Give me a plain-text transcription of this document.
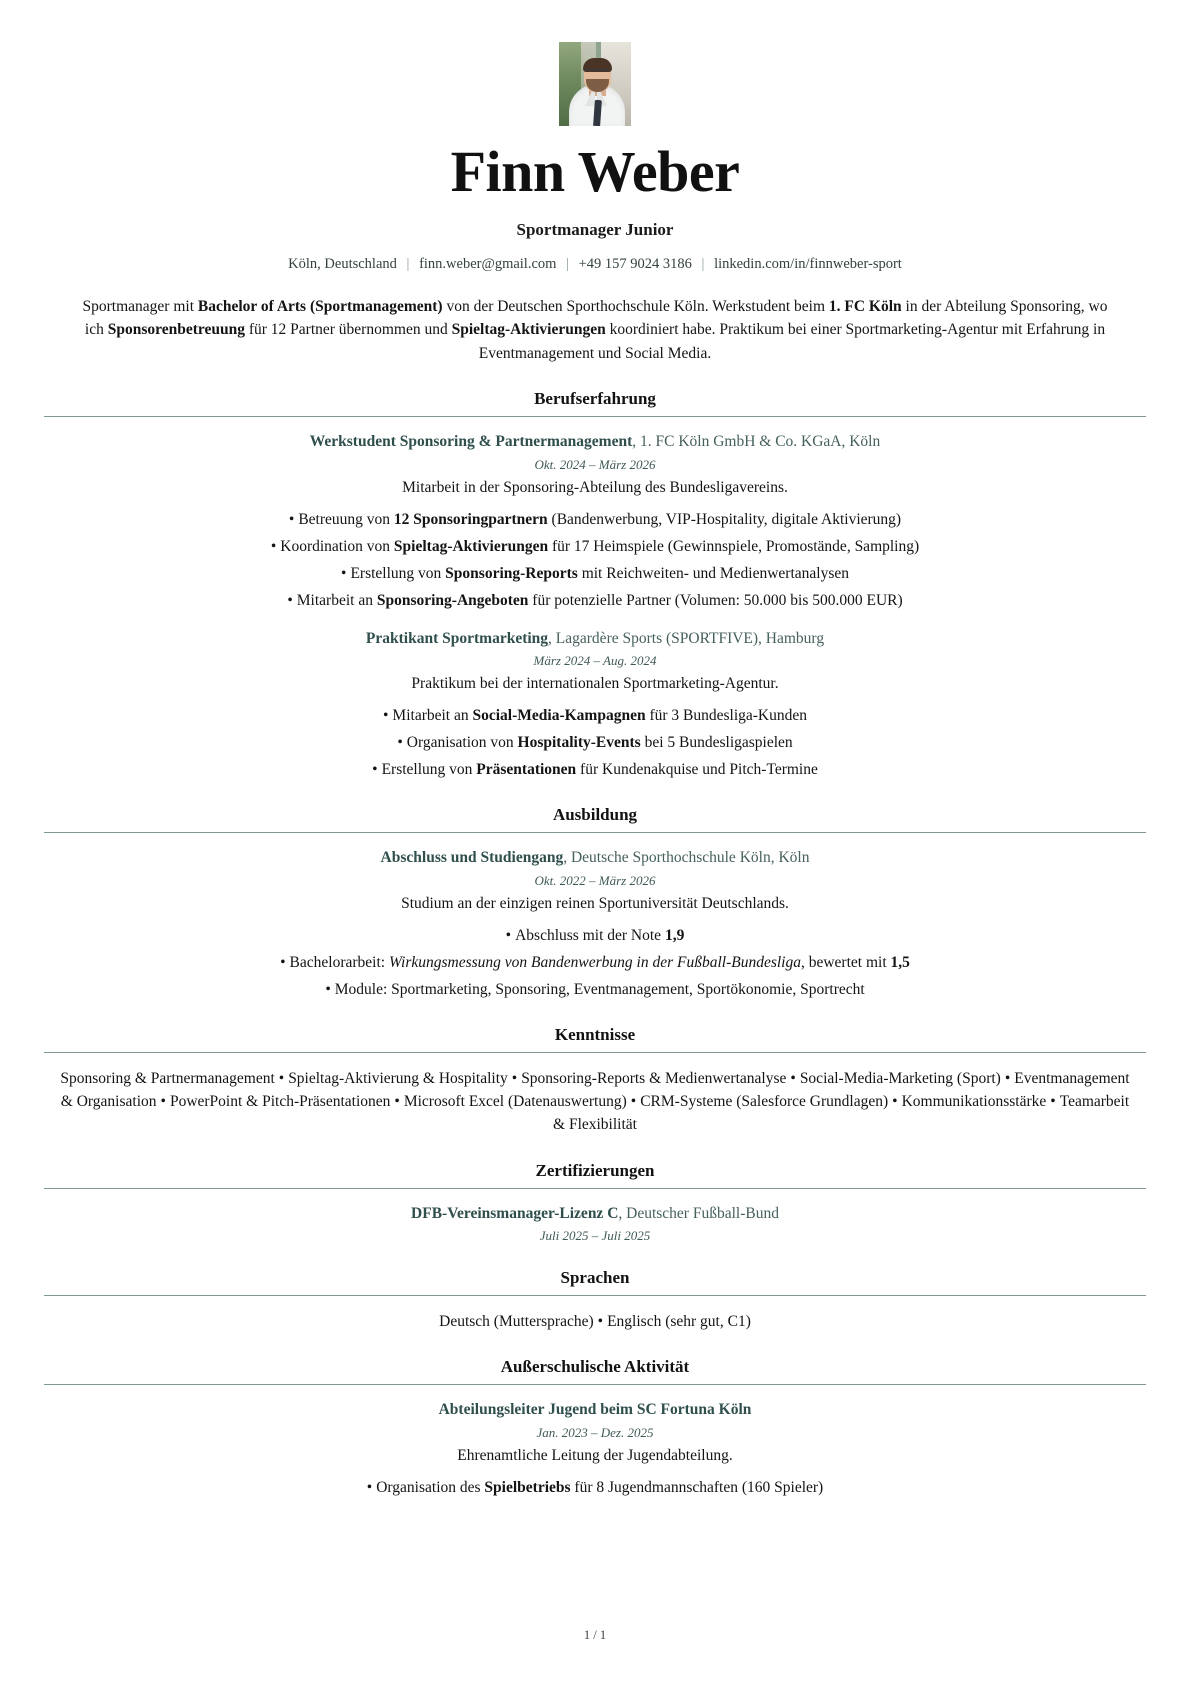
Finn Weber
Sportmanager Junior
Köln, Deutschland | finn.weber@gmail.com | +49 157 9024 3186 | linkedin.com/in/finnweber-sport

Sportmanager mit Bachelor of Arts (Sportmanagement) von der Deutschen Sporthochschule Köln. Werkstudent beim 1. FC Köln in der Abteilung Sponsoring, wo ich Sponsorenbetreuung für 12 Partner übernommen und Spieltag-Aktivierungen koordiniert habe. Praktikum bei einer Sportmarketing-Agentur mit Erfahrung in Eventmanagement und Social Media.

Berufserfahrung
Werkstudent Sponsoring & Partnermanagement, 1. FC Köln GmbH & Co. KGaA, Köln
Okt. 2024 – März 2026
Mitarbeit in der Sponsoring-Abteilung des Bundesligavereins.
• Betreuung von 12 Sponsoringpartnern (Bandenwerbung, VIP-Hospitality, digitale Aktivierung)
• Koordination von Spieltag-Aktivierungen für 17 Heimspiele (Gewinnspiele, Promostände, Sampling)
• Erstellung von Sponsoring-Reports mit Reichweiten- und Medienwertanalysen
• Mitarbeit an Sponsoring-Angeboten für potenzielle Partner (Volumen: 50.000 bis 500.000 EUR)
Praktikant Sportmarketing, Lagardère Sports (SPORTFIVE), Hamburg
März 2024 – Aug. 2024
Praktikum bei der internationalen Sportmarketing-Agentur.
• Mitarbeit an Social-Media-Kampagnen für 3 Bundesliga-Kunden
• Organisation von Hospitality-Events bei 5 Bundesligaspielen
• Erstellung von Präsentationen für Kundenakquise und Pitch-Termine
Ausbildung
Abschluss und Studiengang, Deutsche Sporthochschule Köln, Köln
Okt. 2022 – März 2026
Studium an der einzigen reinen Sportuniversität Deutschlands.
• Abschluss mit der Note 1,9
• Bachelorarbeit: Wirkungsmessung von Bandenwerbung in der Fußball-Bundesliga, bewertet mit 1,5
• Module: Sportmarketing, Sponsoring, Eventmanagement, Sportökonomie, Sportrecht
Kenntnisse
Sponsoring & Partnermanagement • Spieltag-Aktivierung & Hospitality • Sponsoring-Reports & Medienwertanalyse • Social-Media-Marketing (Sport) • Eventmanagement & Organisation • PowerPoint & Pitch-Präsentationen • Microsoft Excel (Datenauswertung) • CRM-Systeme (Salesforce Grundlagen) • Kommunikationsstärke • Teamarbeit & Flexibilität
Zertifizierungen
DFB-Vereinsmanager-Lizenz C, Deutscher Fußball-Bund
Juli 2025 – Juli 2025
Sprachen
Deutsch (Muttersprache) • Englisch (sehr gut, C1)
Außerschulische Aktivität
Abteilungsleiter Jugend beim SC Fortuna Köln
Jan. 2023 – Dez. 2025
Ehrenamtliche Leitung der Jugendabteilung.
• Organisation des Spielbetriebs für 8 Jugendmannschaften (160 Spieler)
1 / 1
